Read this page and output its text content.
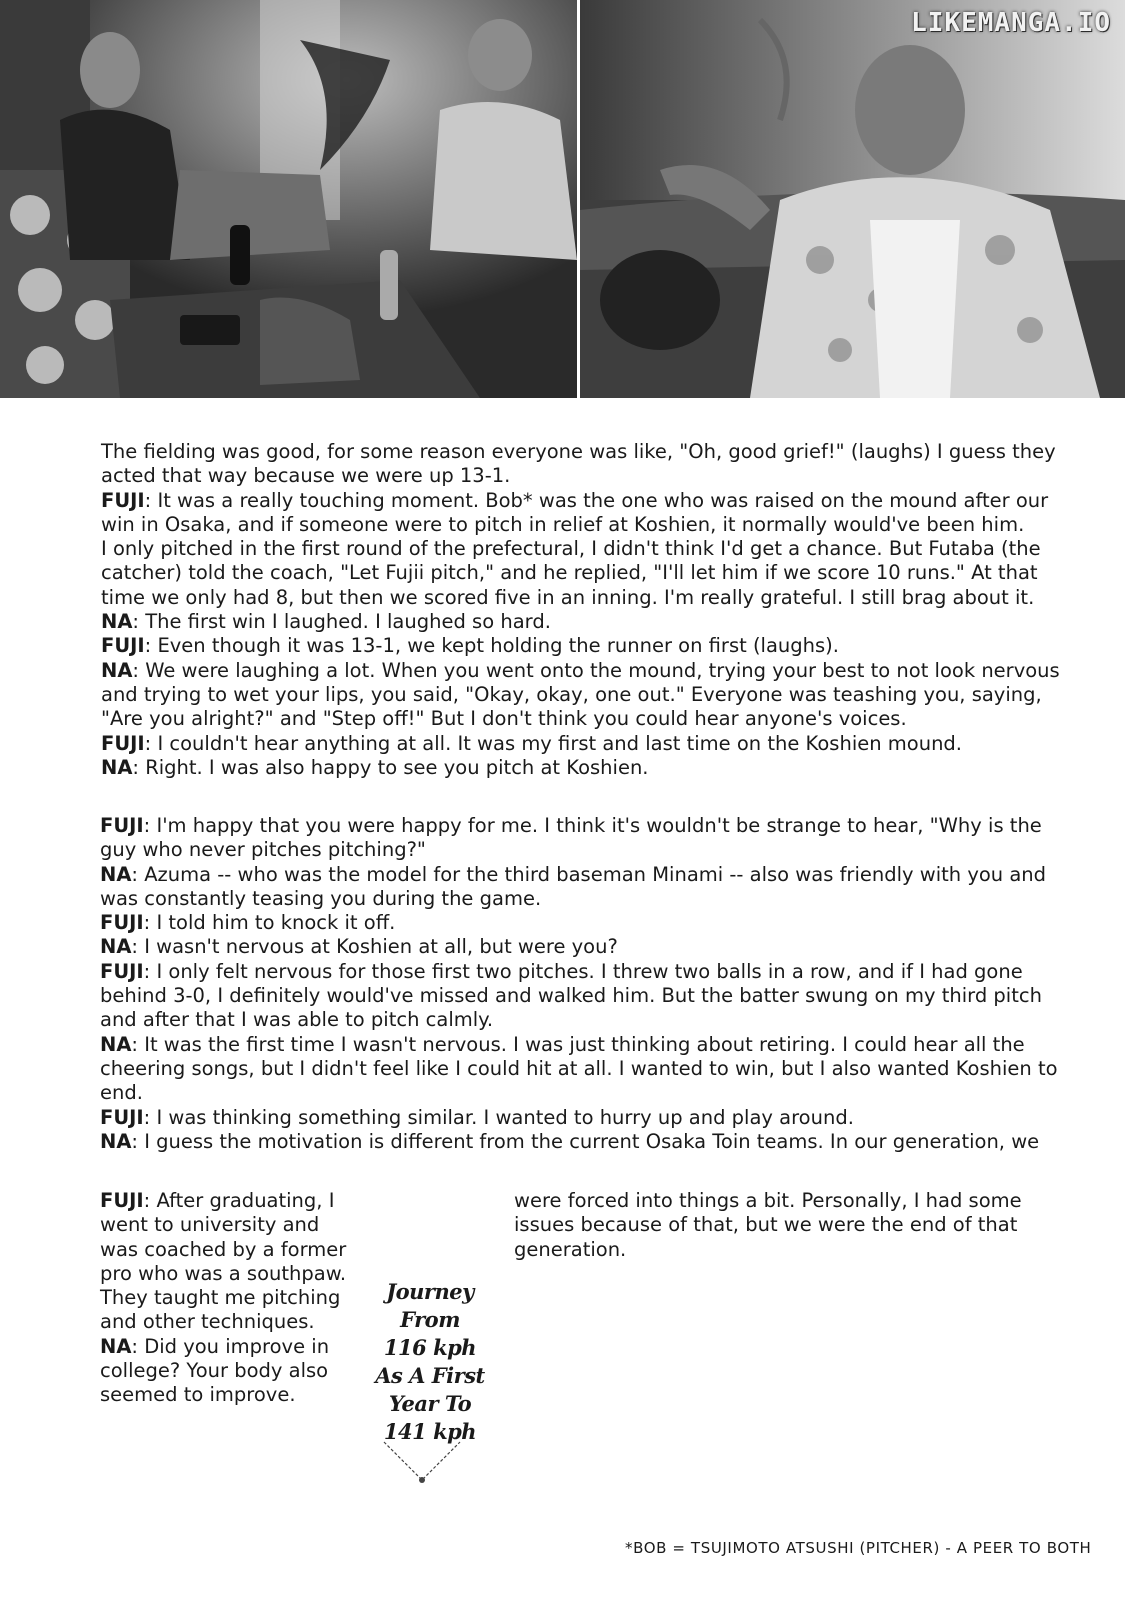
LIKEMANGA.IO

The fielding was good, for some reason everyone was like, "Oh, good grief!" (laughs) I guess they acted that way because we were up 13-1.

FUJI: It was a really touching moment. Bob* was the one who was raised on the mound after our win in Osaka, and if someone were to pitch in relief at Koshien, it normally would've been him.

I only pitched in the first round of the prefectural, I didn't think I'd get a chance. But Futaba (the catcher) told the coach, "Let Fujii pitch," and he replied, "I'll let him if we score 10 runs." At that time we only had 8, but then we scored five in an inning. I'm really grateful. I still brag about it.

NA: The first win I laughed. I laughed so hard.

FUJI: Even though it was 13-1, we kept holding the runner on first (laughs).

NA: We were laughing a lot. When you went onto the mound, trying your best to not look nervous and trying to wet your lips, you said, "Okay, okay, one out." Everyone was teashing you, saying, "Are you alright?" and "Step off!" But I don't think you could hear anyone's voices.

FUJI: I couldn't hear anything at all. It was my first and last time on the Koshien mound.

NA: Right. I was also happy to see you pitch at Koshien.

FUJI: I'm happy that you were happy for me. I think it's wouldn't be strange to hear, "Why is the guy who never pitches pitching?"

NA: Azuma -- who was the model for the third baseman Minami -- also was friendly with you and was constantly teasing you during the game.

FUJI: I told him to knock it off.

NA: I wasn't nervous at Koshien at all, but were you?

FUJI: I only felt nervous for those first two pitches. I threw two balls in a row, and if I had gone behind 3-0, I definitely would've missed and walked him. But the batter swung on my third pitch and after that I was able to pitch calmly.

NA: It was the first time I wasn't nervous. I was just thinking about retiring. I could hear all the cheering songs, but I didn't feel like I could hit at all. I wanted to win, but I also wanted Koshien to end.

FUJI: I was thinking something similar. I wanted to hurry up and play around.

NA: I guess the motivation is different from the current Osaka Toin teams. In our generation, we

FUJI: After graduating, I went to university and was coached by a former pro who was a southpaw. They taught me pitching and other techniques.

NA: Did you improve in college? Your body also seemed to improve.

were forced into things a bit. Personally, I had some issues because of that, but we were the end of that generation.

Journey
From
116 kph
As A First
Year To
141 kph
*BOB = TSUJIMOTO ATSUSHI (PITCHER) - A PEER TO BOTH
